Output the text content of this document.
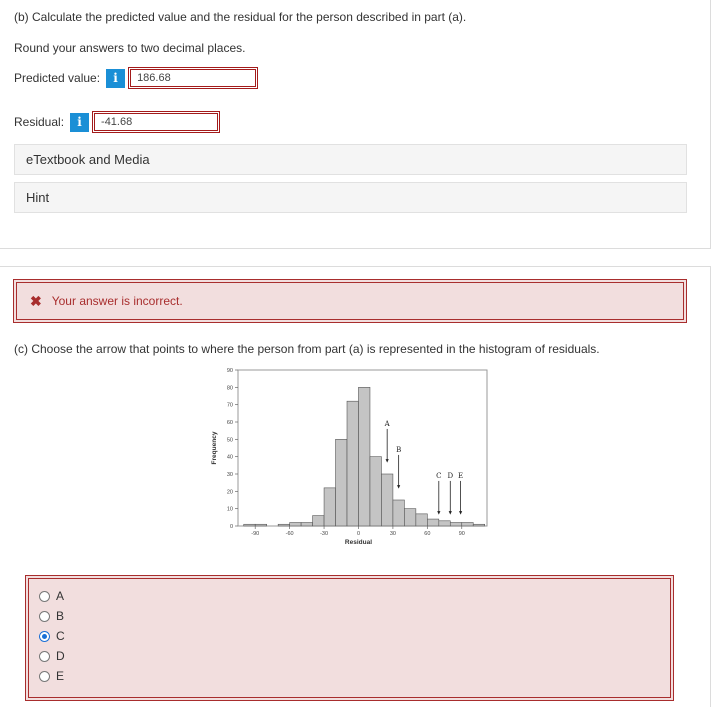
(b) Calculate the predicted value and the residual for the person described in part (a).
Round your answers to two decimal places.
Predicted value:	i	186.68
Residual:	i	-41.68
eTextbook and Media
Hint
✖ Your answer is incorrect.
(c) Choose the arrow that points to where the person from part (a) is represented in the histogram of residuals.
0
10
20
30
40
50
60
70
80
90
-90	-60	-30	0	30	60	90
Residual
Frequency
A
B
C D E
A
B
C
D
E
